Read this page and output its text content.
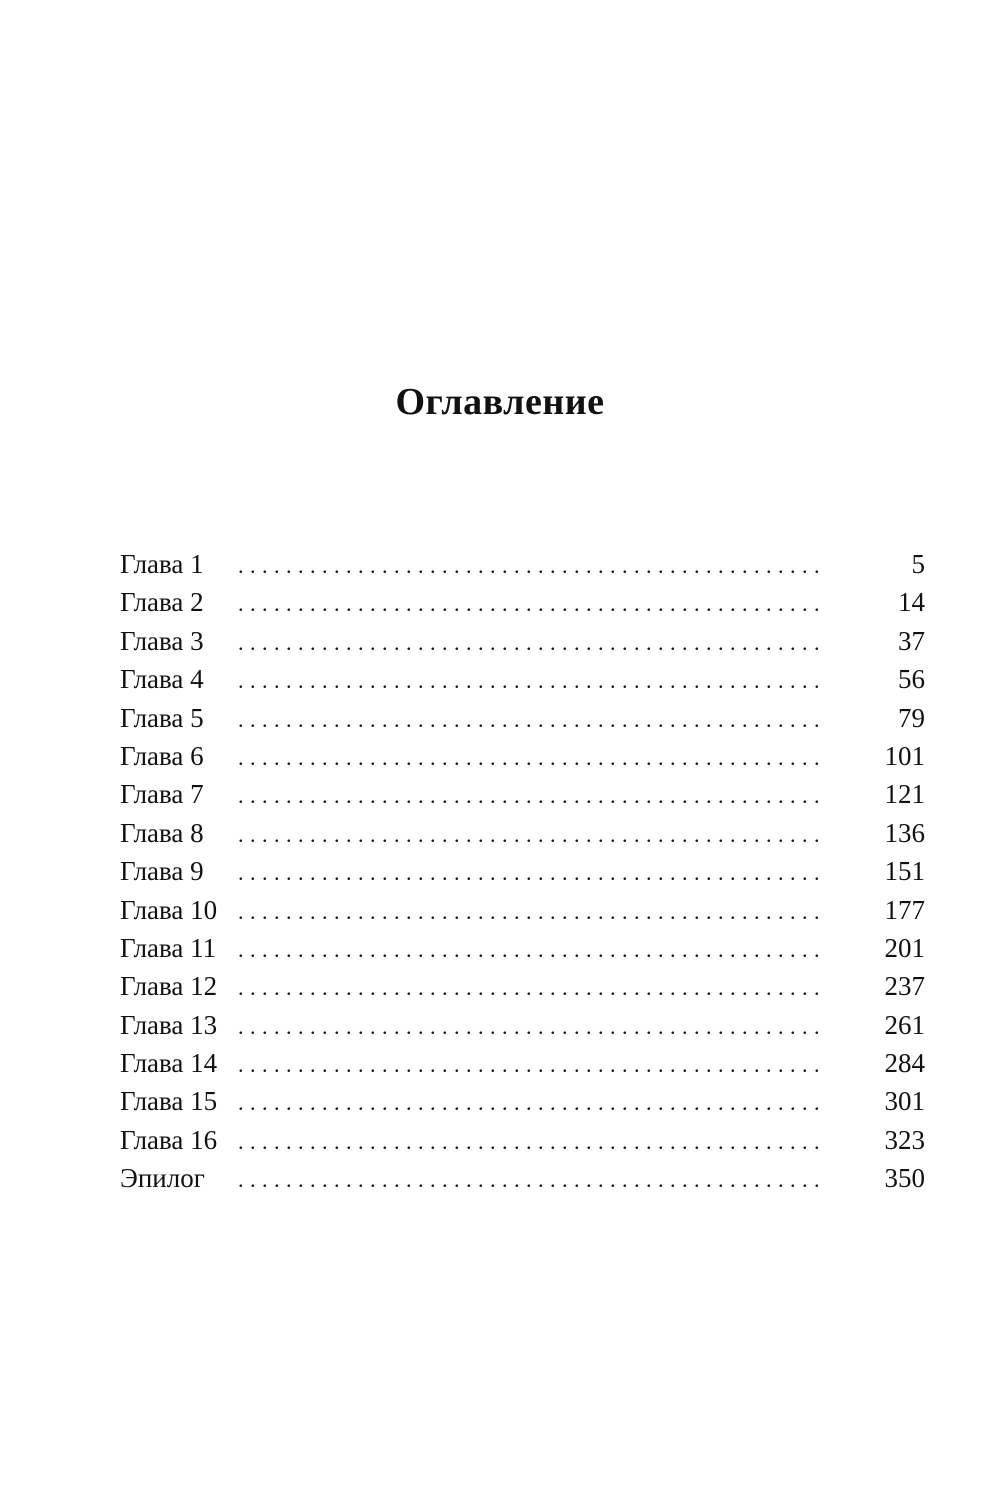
Оглавление
Глава 1 . . .	5
Глава 2 . . .	14
Глава 3 . . .	37
Глава 4 . . .	56
Глава 5 . . .	79
Глава 6 . . .	101
Глава 7 . . .	121
Глава 8 . . .	136
Глава 9 . . .	151
Глава 10 . . .	177
Глава 11 . . .	201
Глава 12 . . .	237
Глава 13 . . .	261
Глава 14 . . .	284
Глава 15 . . .	301
Глава 16 . . .	323
Эпилог . . .	350
